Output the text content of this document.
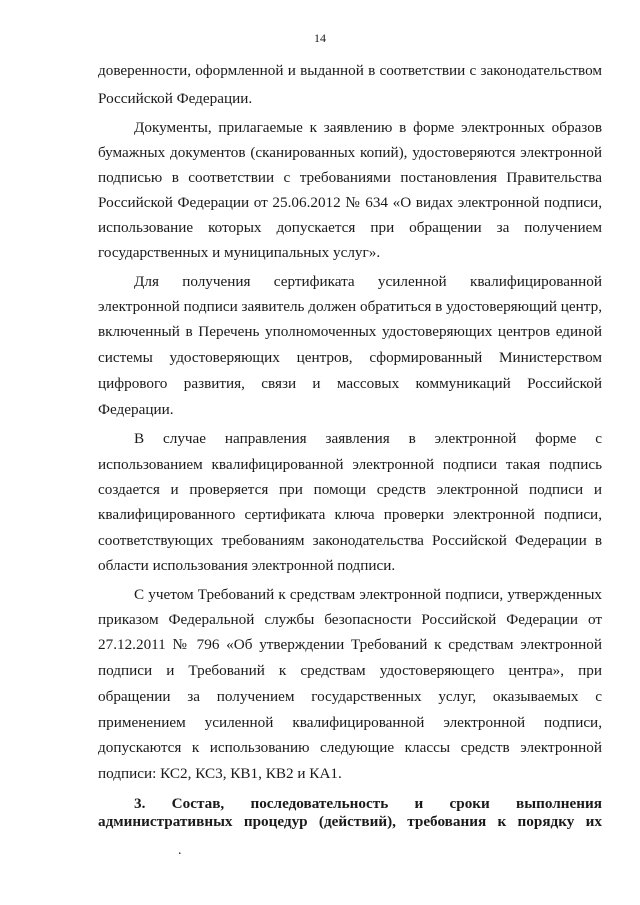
14
доверенности, оформленной и выданной в соответствии с законодательством
Российской Федерации.
Документы, прилагаемые к заявлению в форме электронных образов
бумажных документов (сканированных копий), удостоверяются электронной
подписью в соответствии с требованиями постановления Правительства
Российской Федерации от 25.06.2012 № 634 «О видах электронной подписи,
использование которых допускается при обращении за получением
государственных и муниципальных услуг».
Для получения сертификата усиленной квалифицированной
электронной подписи заявитель должен обратиться в удостоверяющий центр,
включенный в Перечень уполномоченных удостоверяющих центров единой
системы удостоверяющих центров, сформированный Министерством
цифрового развития, связи и массовых коммуникаций Российской
Федерации.
В случае направления заявления в электронной форме с
использованием квалифицированной электронной подписи такая подпись
создается и проверяется при помощи средств электронной подписи и
квалифицированного сертификата ключа проверки электронной подписи,
соответствующих требованиям законодательства Российской Федерации в
области использования электронной подписи.
С учетом Требований к средствам электронной подписи, утвержденных
приказом Федеральной службы безопасности Российской Федерации от
27.12.2011 № 796 «Об утверждении Требований к средствам электронной
подписи и Требований к средствам удостоверяющего центра», при
обращении за получением государственных услуг, оказываемых с
применением усиленной квалифицированной электронной подписи,
допускаются к использованию следующие классы средств электронной
подписи: КС2, КС3, КВ1, КВ2 и КА1.
3. Состав, последовательность и сроки выполнения
административных процедур (действий), требования к порядку их
.
